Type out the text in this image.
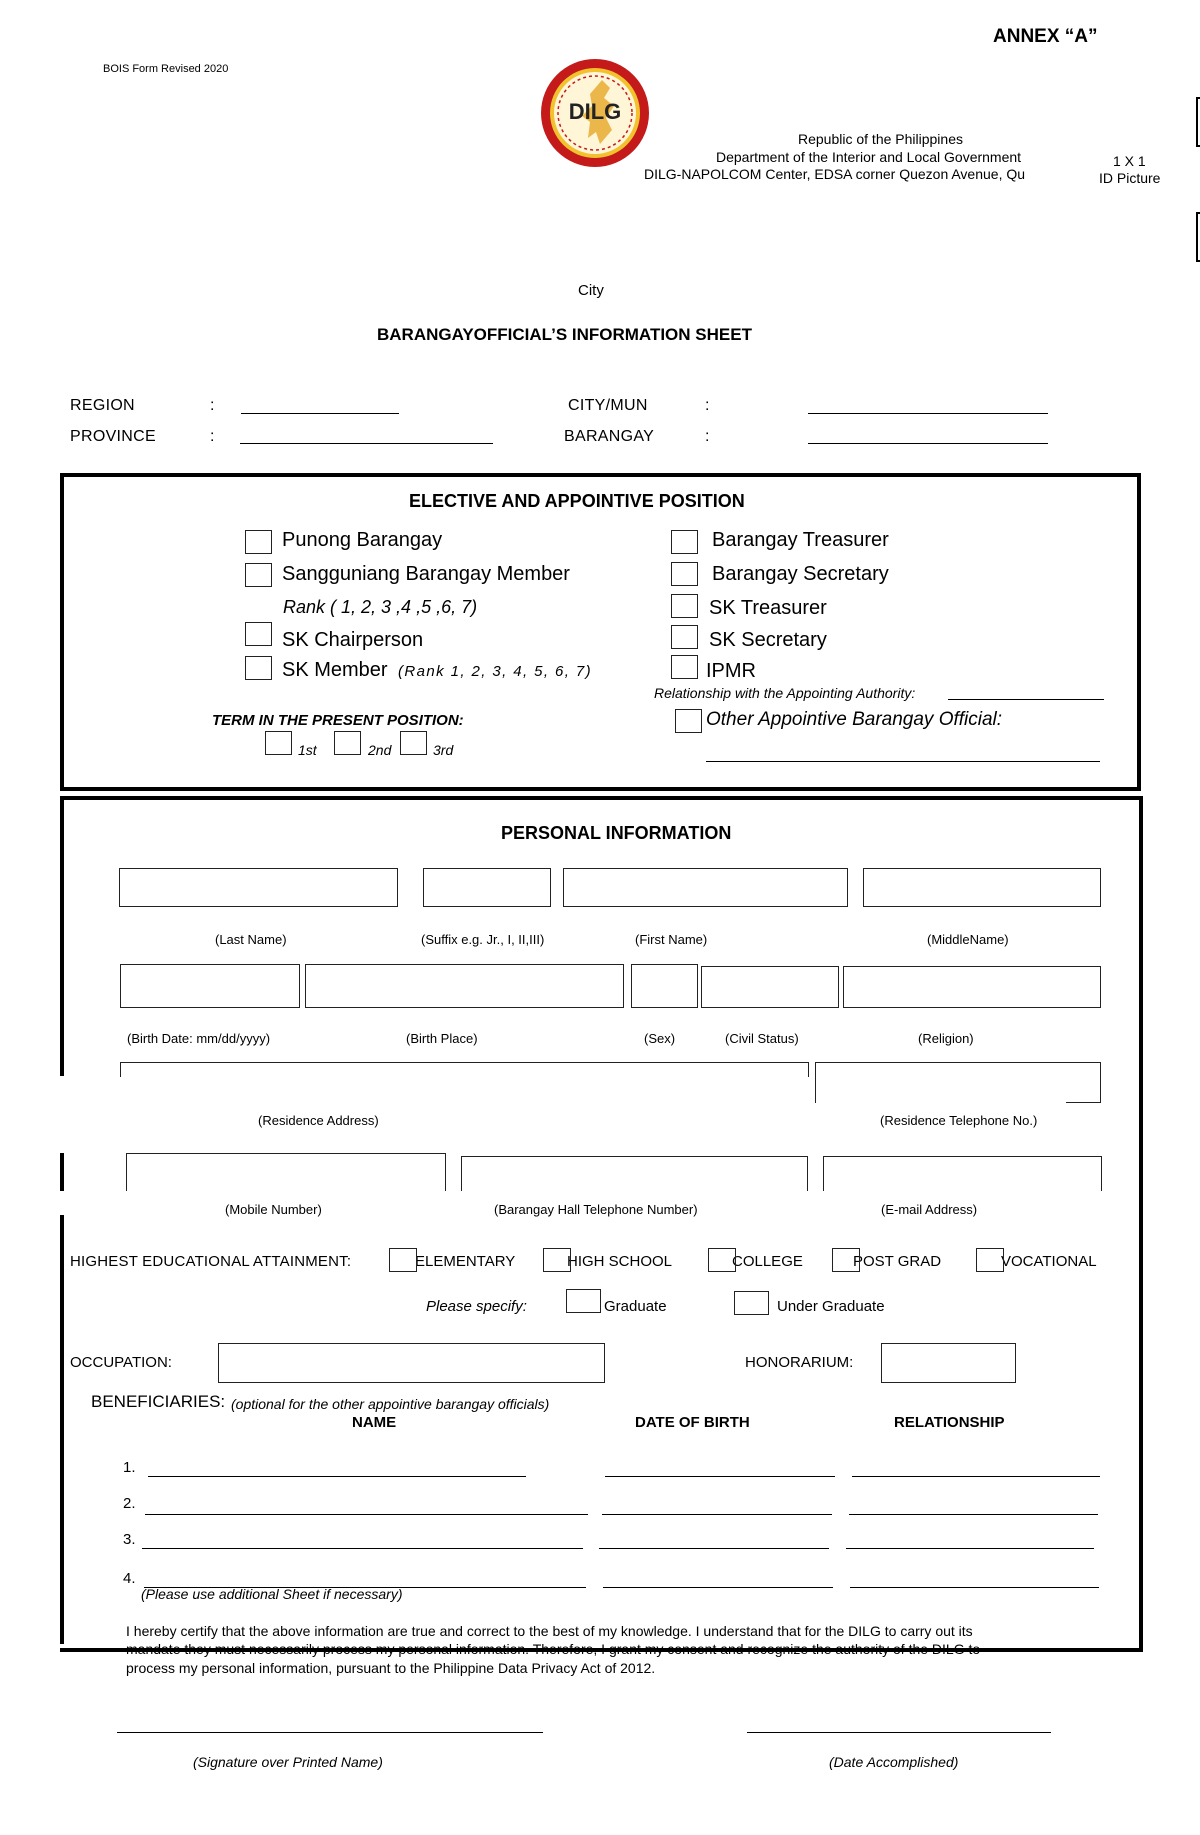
ANNEX “A”
BOIS Form Revised 2020
DILG
Republic of the Philippines
Department of the Interior and Local Government
DILG-NAPOLCOM Center, EDSA corner Quezon Avenue, Qu
1 X 1
ID Picture
City
BARANGAYOFFICIAL’S INFORMATION SHEET
REGION	:
PROVINCE	:
CITY/MUN	:
BARANGAY	:
ELECTIVE AND APPOINTIVE POSITION
Punong Barangay
Sangguniang Barangay Member
Rank ( 1, 2, 3 ,4 ,5 ,6, 7)
SK Chairperson
SK Member (Rank 1, 2, 3, 4, 5, 6, 7)
TERM IN THE PRESENT POSITION:
1st	2nd	3rd
Barangay Treasurer
Barangay Secretary
SK Treasurer
SK Secretary
IPMR
Relationship with the Appointing Authority:
Other Appointive Barangay Official:
PERSONAL INFORMATION
(Last Name)	(Suffix e.g. Jr., I, II,III)	(First Name)	(MiddleName)
(Birth Date: mm/dd/yyyy)	(Birth Place)	(Sex)	(Civil Status)	(Religion)
(Residence Address)	(Residence Telephone No.)
(Mobile Number)	(Barangay Hall Telephone Number)	(E-mail Address)
HIGHEST EDUCATIONAL ATTAINMENT:	ELEMENTARY	HIGH SCHOOL	COLLEGE	POST GRAD	VOCATIONAL
Please specify:	Graduate	Under Graduate
OCCUPATION:	HONORARIUM:
BENEFICIARIES: (optional for the other appointive barangay officials)
NAME	DATE OF BIRTH	RELATIONSHIP
1.
2.
3.
4.
(Please use additional Sheet if necessary)
I hereby certify that the above information are true and correct to the best of my knowledge. I understand that for the DILG to carry out its
mandate they must necessarily process my personal information. Therefore, I grant my consent and recognize the authority of the DILG to
process my personal information, pursuant to the Philippine Data Privacy Act of 2012.
(Signature over Printed Name)	(Date Accomplished)
